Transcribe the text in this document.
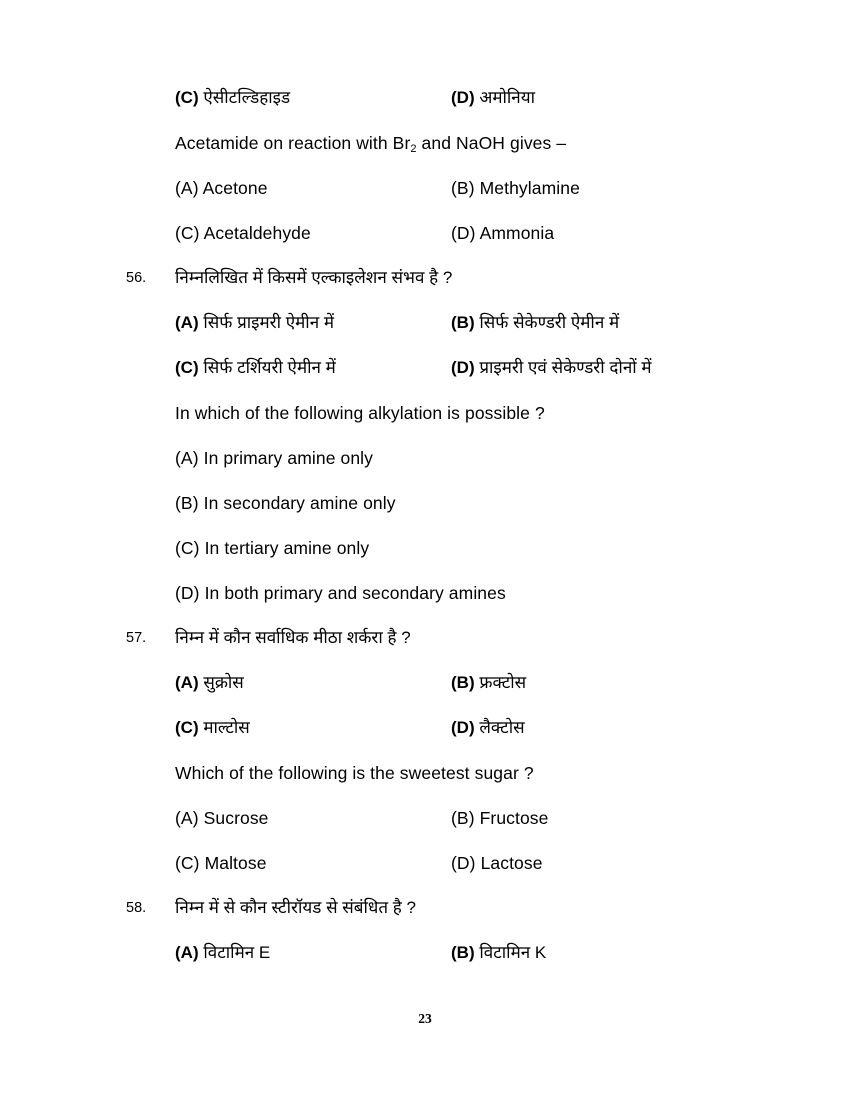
(C) ऐसीटल्डिहाइड	(D) अमोनिया
Acetamide on reaction with $Br_2$ and NaOH gives –
(A) Acetone	(B) Methylamine
(C) Acetaldehyde	(D) Ammonia
56. निम्नलिखित में किसमें एल्काइलेशन संभव है ?
(A) सिर्फ प्राइमरी ऐमीन में	(B) सिर्फ सेकेण्डरी ऐमीन में
(C) सिर्फ टर्शियरी ऐमीन में	(D) प्राइमरी एवं सेकेण्डरी दोनों में
In which of the following alkylation is possible ?
(A) In primary amine only
(B) In secondary amine only
(C) In tertiary amine only
(D) In both primary and secondary amines
57. निम्न में कौन सर्वाधिक मीठा शर्करा है ?
(A) सुक्रोस	(B) फ्रक्टोस
(C) माल्टोस	(D) लैक्टोस
Which of the following is the sweetest sugar ?
(A) Sucrose	(B) Fructose
(C) Maltose	(D) Lactose
58. निम्न में से कौन स्टीरॉयड से संबंधित है ?
(A) विटामिन E	(B) विटामिन K
23
